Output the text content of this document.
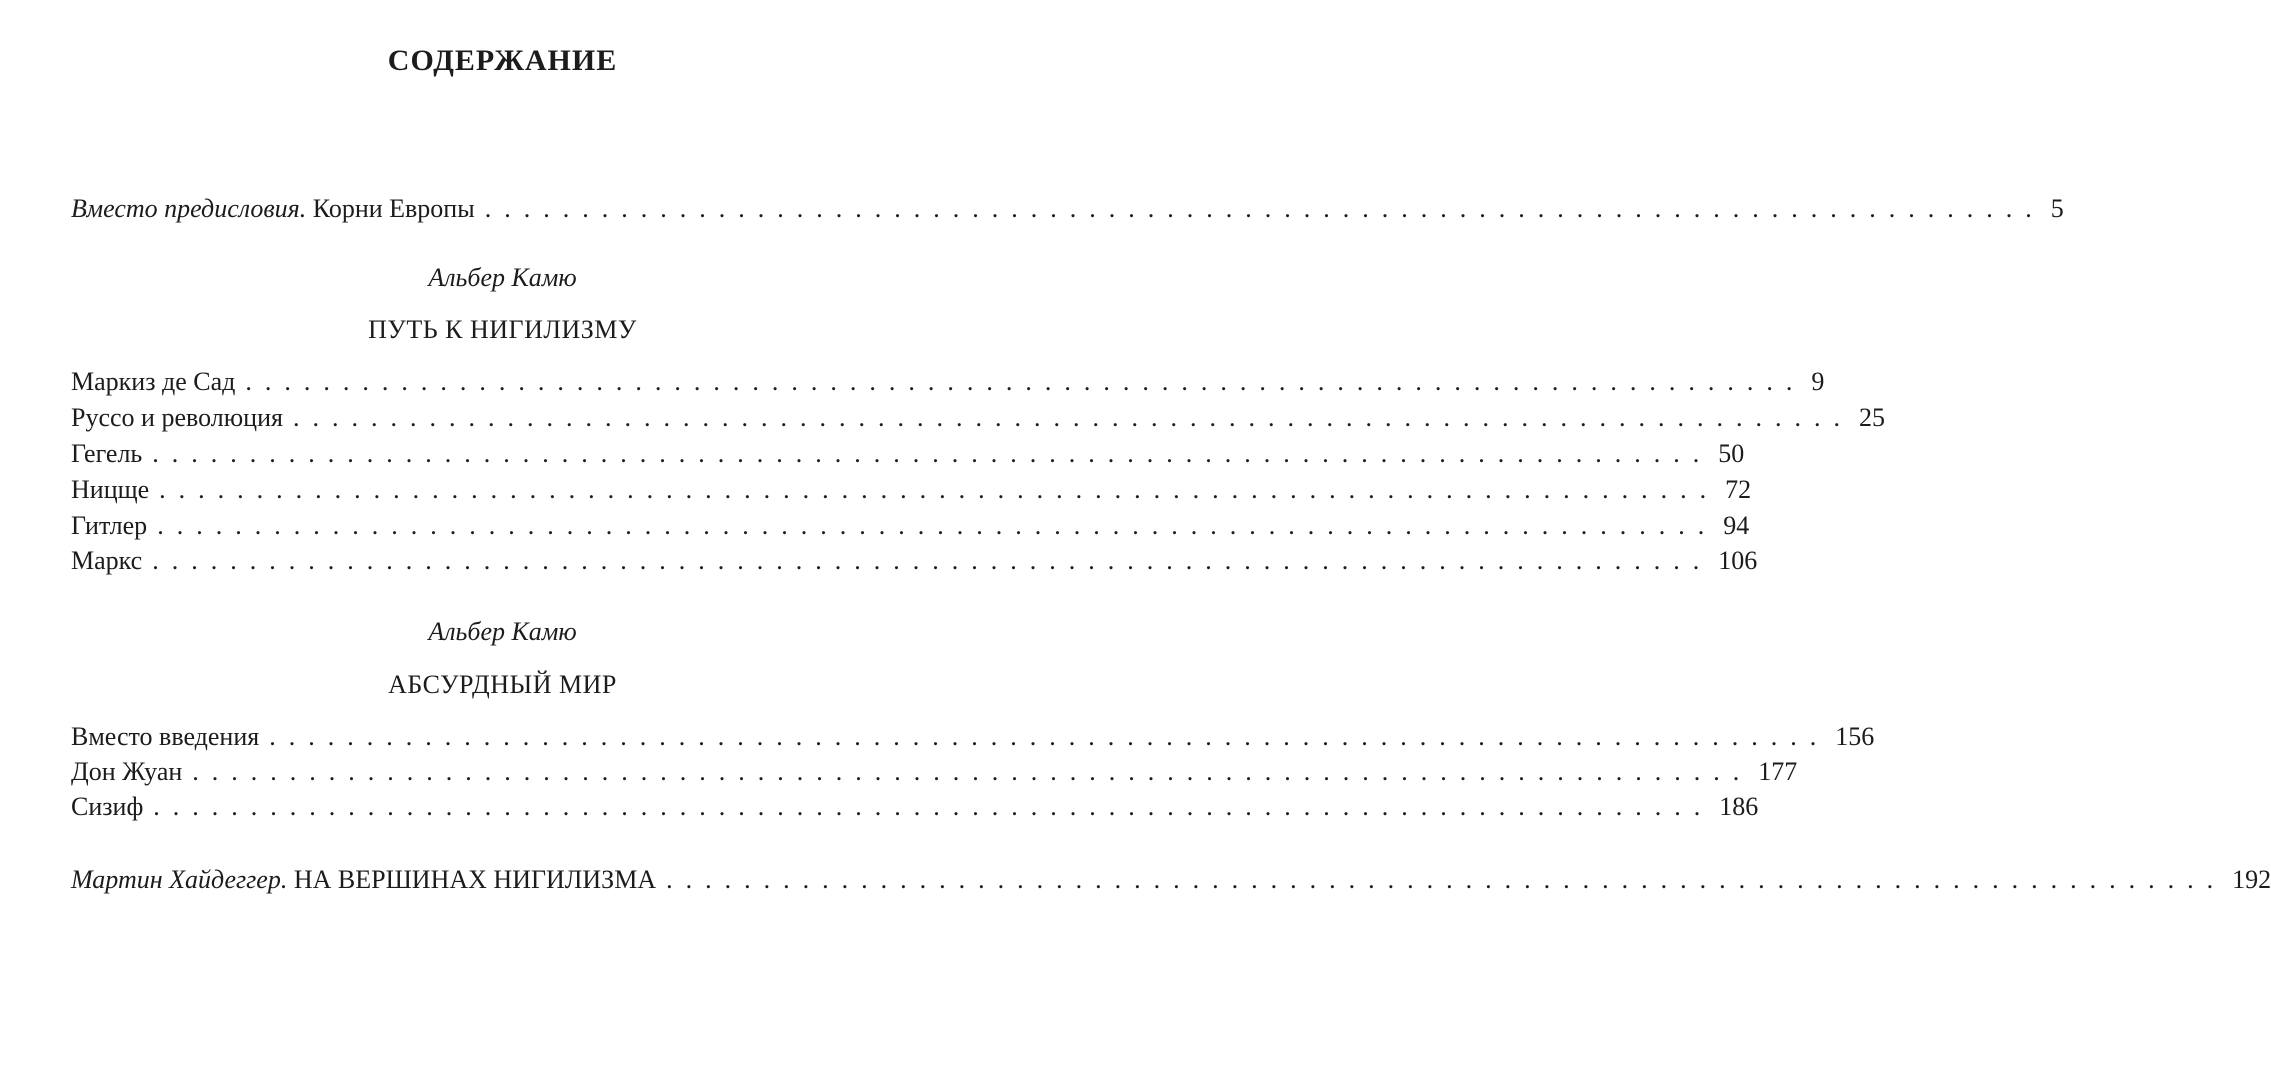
СОДЕРЖАНИЕ
Вместо предисловия. Корни Европы ................................................................................ 5
Альбер Камю
ПУТЬ К НИГИЛИЗМУ
Маркиз де Сад ................................................................................ 9
Руссо и революция ................................................................................ 25
Гегель ................................................................................ 50
Ницще ................................................................................ 72
Гитлер ................................................................................ 94
Маркс ................................................................................ 106
Альбер Камю
АБСУРДНЫЙ МИР
Вместо введения ................................................................................ 156
Дон Жуан ................................................................................ 177
Сизиф ................................................................................ 186
Мартин Хайдеггер. НА ВЕРШИНАХ НИГИЛИЗМА ................................................................................ 192
